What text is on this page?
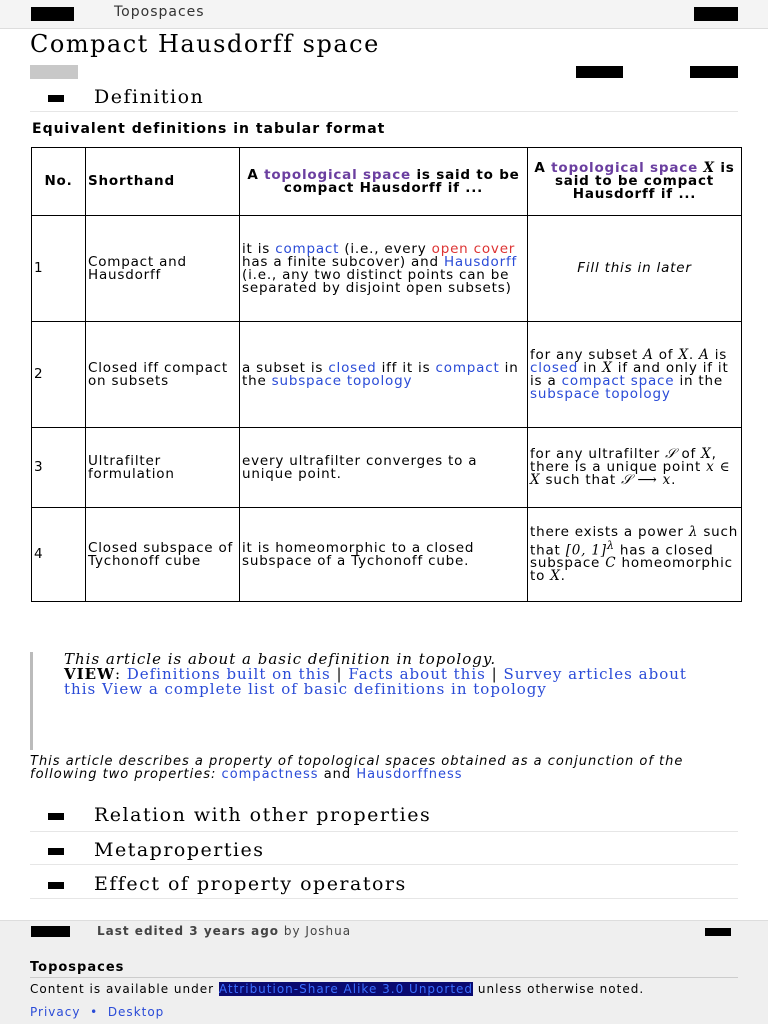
Topospaces
Compact Hausdorff space
Definition
Equivalent definitions in tabular format
No.	Shorthand	A topological space is said to be compact Hausdorff if ...	A topological space X is said to be compact Hausdorff if ...
1	Compact and Hausdorff	it is compact (i.e., every open cover has a finite subcover) and Hausdorff (i.e., any two distinct points can be separated by disjoint open subsets)	Fill this in later
2	Closed iff compact on subsets	a subset is closed iff it is compact in the subspace topology	for any subset A of X. A is closed in X if and only if it is a compact space in the subspace topology
3	Ultrafilter formulation	every ultrafilter converges to a unique point.	for any ultrafilter 𝒮 of X, there is a unique point x ∈ X such that 𝒮 ⟶ x.
4	Closed subspace of Tychonoff cube	it is homeomorphic to a closed subspace of a Tychonoff cube.	there exists a power λ such that [0, 1]$^\lambda$ has a closed subspace C homeomorphic to X.
This article is about a basic definition in topology.
VIEW: Definitions built on this | Facts about this | Survey articles about this View a complete list of basic definitions in topology
This article describes a property of topological spaces obtained as a conjunction of the following two properties: compactness and Hausdorffness
Relation with other properties
Metaproperties
Effect of property operators
Last edited 3 years ago by Joshua
Topospaces
Content is available under Attribution-Share Alike 3.0 Unported unless otherwise noted.
Privacy • Desktop
